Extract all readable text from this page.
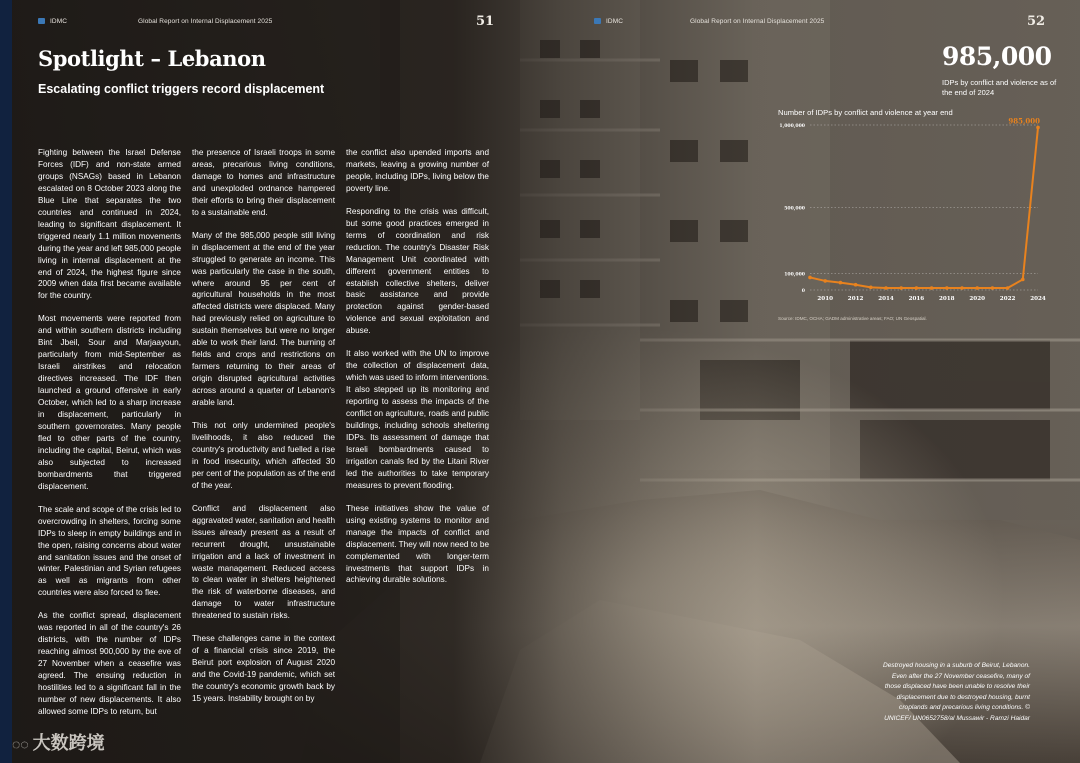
IDMC	Global Report on Internal Displacement 2025	51	IDMC	Global Report on Internal Displacement 2025	52
Spotlight – Lebanon
Escalating conflict triggers record displacement

Fighting between the Israel Defense Forces (IDF) and non-state armed groups (NSAGs) based in Lebanon escalated on 8 October 2023 along the Blue Line that separates the two countries and continued in 2024, leading to significant displacement. It triggered nearly 1.1 million movements during the year and left 985,000 people living in internal displacement at the end of 2024, the highest figure since 2009 when data first became available for the country.

Most movements were reported from and within southern districts including Bint Jbeil, Sour and Marjaayoun, particularly from mid-September as Israeli airstrikes and relocation directives increased. The IDF then launched a ground offensive in early October, which led to a sharp increase in displacement, particularly in southern governorates. Many people fled to other parts of the country, including the capital, Beirut, which was also subjected to increased bombardments that triggered displacement.

The scale and scope of the crisis led to overcrowding in shelters, forcing some IDPs to sleep in empty buildings and in the open, raising concerns about water and sanitation issues and the onset of winter. Palestinian and Syrian refugees as well as migrants from other countries were also forced to flee.

As the conflict spread, displacement was reported in all of the country's 26 districts, with the number of IDPs reaching almost 900,000 by the eve of 27 November when a ceasefire was agreed. The ensuing reduction in hostilities led to a significant fall in the number of new displacements. It also allowed some IDPs to return, but

the presence of Israeli troops in some areas, precarious living conditions, damage to homes and infrastructure and unexploded ordnance hampered their efforts to bring their displacement to a sustainable end.

Many of the 985,000 people still living in displacement at the end of the year struggled to generate an income. This was particularly the case in the south, where around 95 per cent of agricultural households in the most affected districts were displaced. Many had previously relied on agriculture to sustain themselves but were no longer able to work their land. The burning of fields and crops and restrictions on farmers returning to their areas of origin disrupted agricultural activities across around a quarter of Lebanon's arable land.

This not only undermined people's livelihoods, it also reduced the country's productivity and fuelled a rise in food insecurity, which affected 30 per cent of the population as of the end of the year.

Conflict and displacement also aggravated water, sanitation and health issues already present as a result of recurrent drought, unsustainable irrigation and a lack of investment in waste management. Reduced access to clean water in shelters heightened the risk of waterborne diseases, and damage to water infrastructure threatened to sustain risks.

These challenges came in the context of a financial crisis since 2019, the Beirut port explosion of August 2020 and the Covid-19 pandemic, which set the country's economic growth back by 15 years. Instability brought on by

the conflict also upended imports and markets, leaving a growing number of people, including IDPs, living below the poverty line.

Responding to the crisis was difficult, but some good practices emerged in terms of coordination and risk reduction. The country's Disaster Risk Management Unit coordinated with different government entities to establish collective shelters, deliver basic assistance and provide protection against gender-based violence and sexual exploitation and abuse.

It also worked with the UN to improve the collection of displacement data, which was used to inform interventions. It also stepped up its monitoring and reporting to assess the impacts of the conflict on agriculture, roads and public buildings, including schools sheltering IDPs. Its assessment of damage that Israeli bombardments caused to irrigation canals fed by the Litani River led the authorities to take temporary measures to prevent flooding.

These initiatives show the value of using existing systems to monitor and manage the impacts of conflict and displacement. They will now need to be complemented with longer-term investments that support IDPs in achieving durable solutions.

985,000
IDPs by conflict and violence as of the end of 2024
Number of IDPs by conflict and violence at year end
0
100,000
500,000
1,000,000
2010	2012	2014	2016	2018	2020	2022	2024
985,000
Source: IDMC, OCHA; GADM administrative areas; FAO; UN Geospatial.
Destroyed housing in a suburb of Beirut, Lebanon. Even after the 27 November ceasefire, many of those displaced have been unable to resolve their displacement due to destroyed housing, burnt croplands and precarious living conditions. © UNICEF/ UN0652758/al Mussawir - Ramzi Haidar
◌◌ 大数跨境
